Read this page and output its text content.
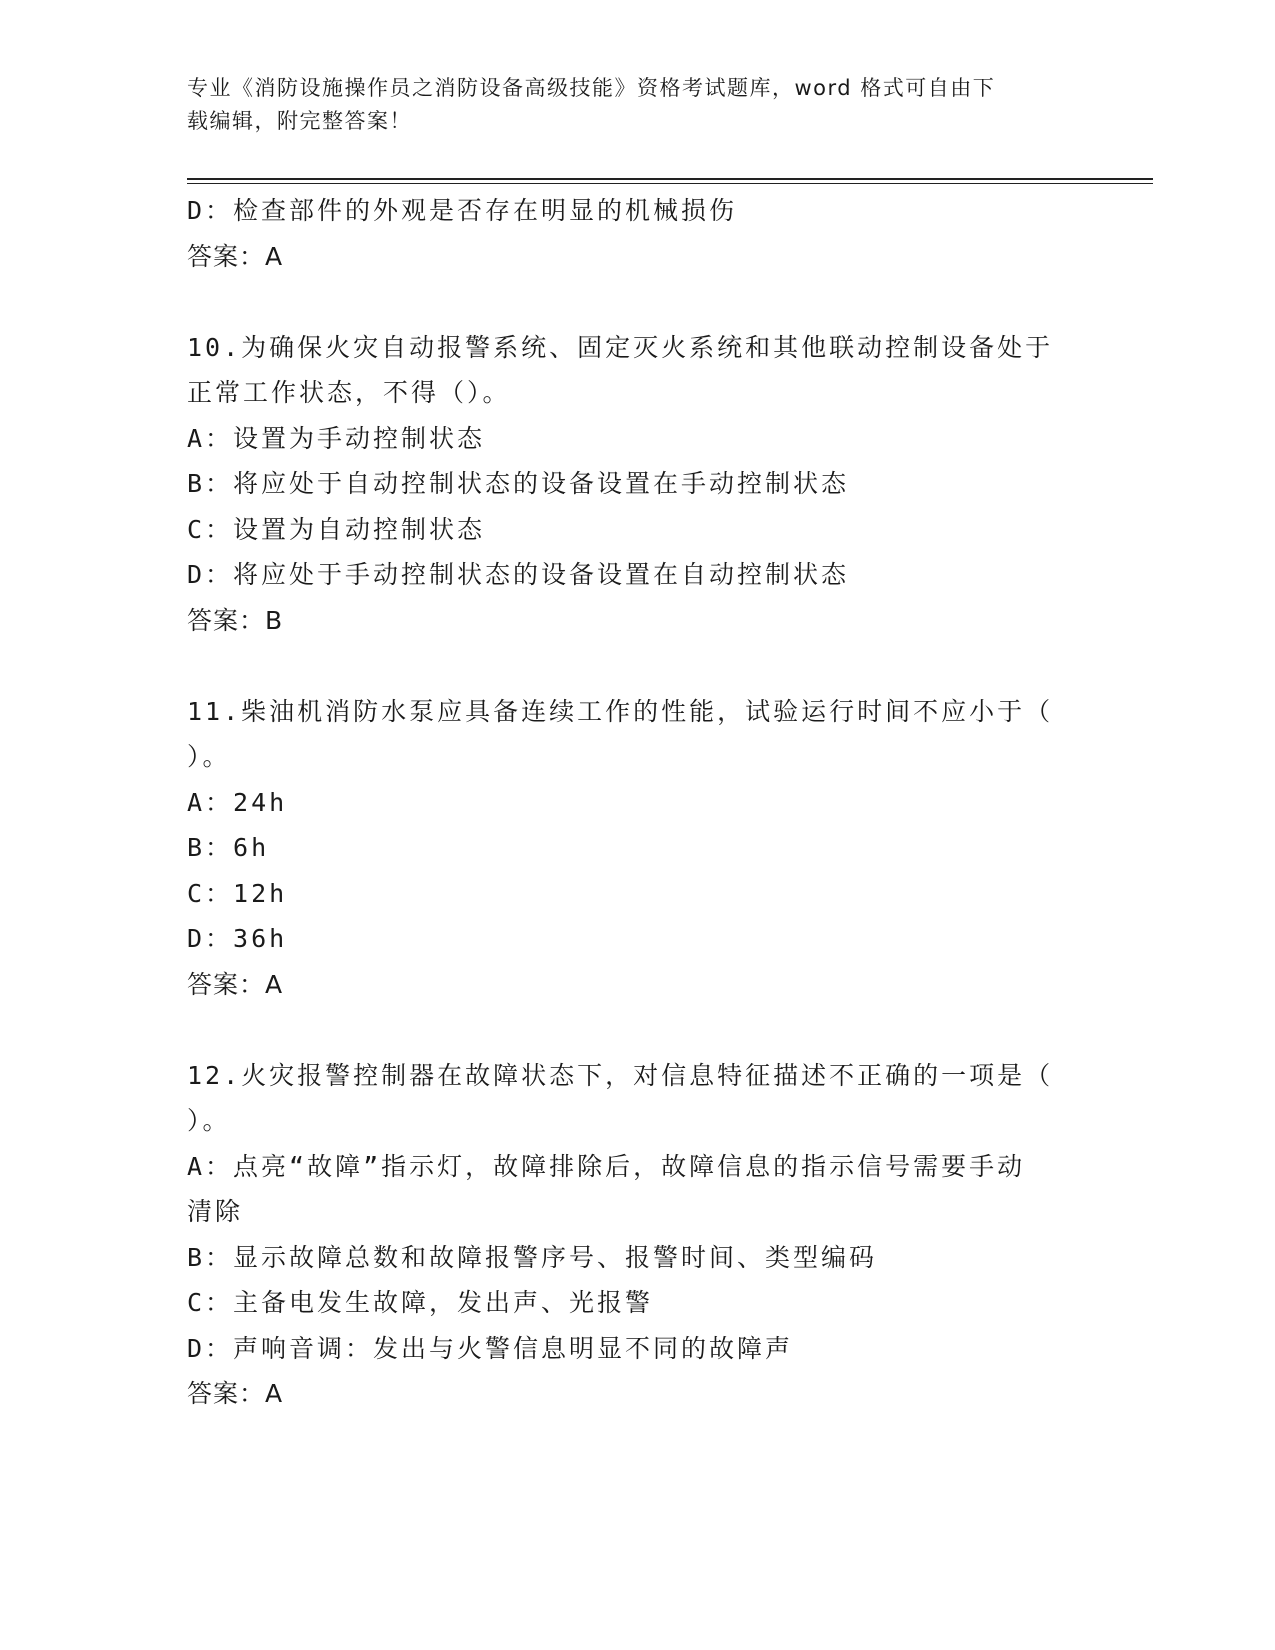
专业《消防设施操作员之消防设备高级技能》资格考试题库，word 格式可自由下
载编辑，附完整答案！
D：检查部件的外观是否存在明显的机械损伤
答案：A
10.为确保火灾自动报警系统、固定灭火系统和其他联动控制设备处于
正常工作状态，不得（）。
A：设置为手动控制状态
B：将应处于自动控制状态的设备设置在手动控制状态
C：设置为自动控制状态
D：将应处于手动控制状态的设备设置在自动控制状态
答案：B
11.柴油机消防水泵应具备连续工作的性能，试验运行时间不应小于（
）。
A：24h
B：6h
C：12h
D：36h
答案：A
12.火灾报警控制器在故障状态下，对信息特征描述不正确的一项是（
）。
A：点亮“故障”指示灯，故障排除后，故障信息的指示信号需要手动
清除
B：显示故障总数和故障报警序号、报警时间、类型编码
C：主备电发生故障，发出声、光报警
D：声响音调：发出与火警信息明显不同的故障声
答案：A
